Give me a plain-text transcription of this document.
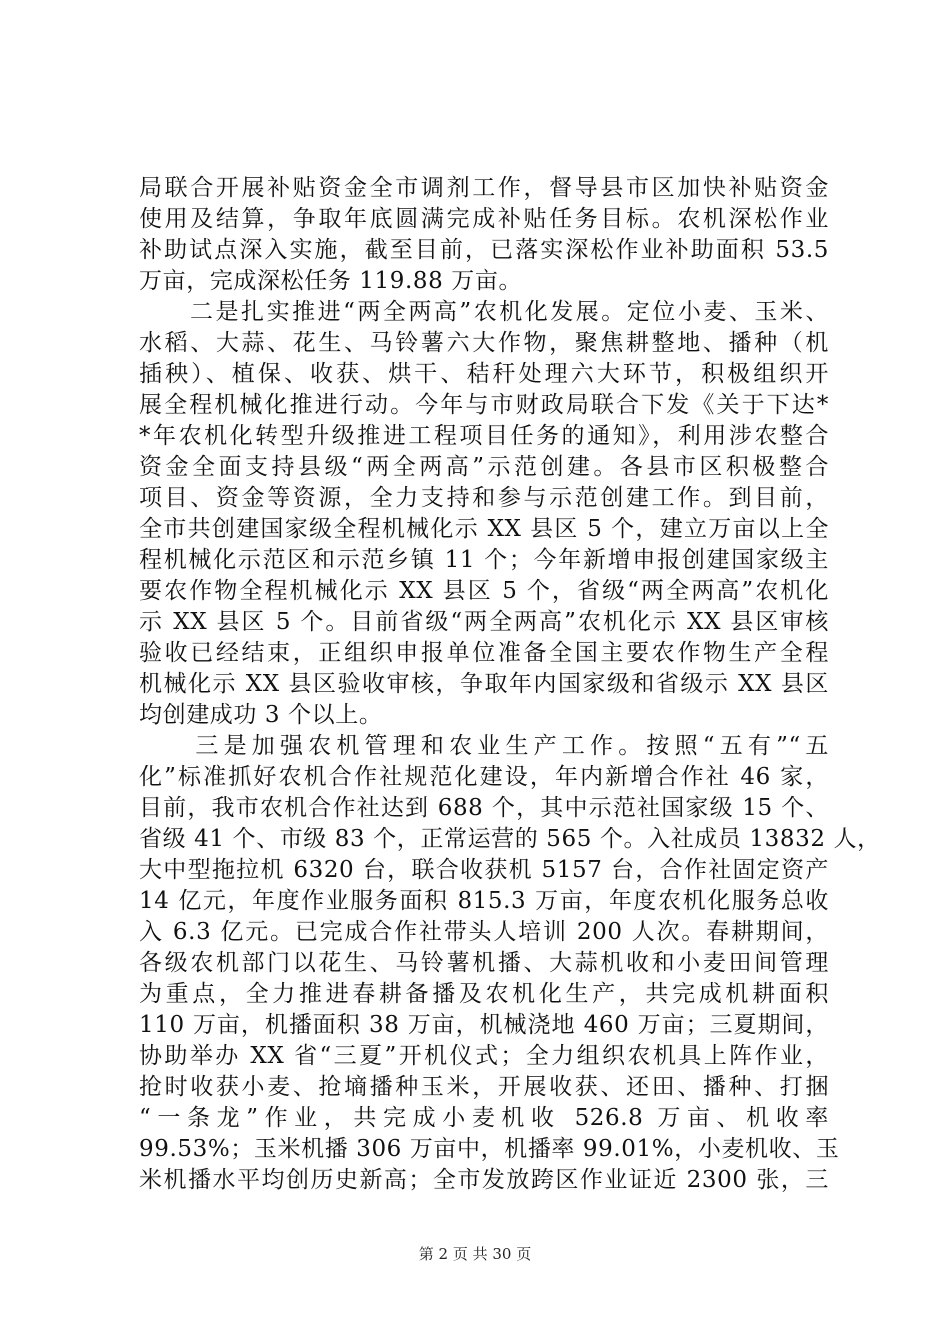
局联合开展补贴资金全市调剂工作，督导县市区加快补贴资金
使用及结算，争取年底圆满完成补贴任务目标。农机深松作业
补助试点深入实施，截至目前，已落实深松作业补助面积 53.5
万亩，完成深松任务 119.88 万亩。
　　二是扎实推进“两全两高”农机化发展。定位小麦、玉米、
水稻、大蒜、花生、马铃薯六大作物，聚焦耕整地、播种（机
插秧）、植保、收获、烘干、秸秆处理六大环节，积极组织开
展全程机械化推进行动。今年与市财政局联合下发《关于下达*
*年农机化转型升级推进工程项目任务的通知》，利用涉农整合
资金全面支持县级“两全两高”示范创建。各县市区积极整合
项目、资金等资源，全力支持和参与示范创建工作。到目前，
全市共创建国家级全程机械化示 XX 县区 5 个，建立万亩以上全
程机械化示范区和示范乡镇 11 个；今年新增申报创建国家级主
要农作物全程机械化示 XX 县区 5 个，省级“两全两高”农机化
示 XX 县区 5 个。目前省级“两全两高”农机化示 XX 县区审核
验收已经结束，正组织申报单位准备全国主要农作物生产全程
机械化示 XX 县区验收审核，争取年内国家级和省级示 XX 县区
均创建成功 3 个以上。
　　三是加强农机管理和农业生产工作。按照“五有”“五
化”标准抓好农机合作社规范化建设，年内新增合作社 46 家，
目前，我市农机合作社达到 688 个，其中示范社国家级 15 个、
省级 41 个、市级 83 个，正常运营的 565 个。入社成员 13832 人，
大中型拖拉机 6320 台，联合收获机 5157 台，合作社固定资产
14 亿元，年度作业服务面积 815.3 万亩，年度农机化服务总收
入 6.3 亿元。已完成合作社带头人培训 200 人次。春耕期间，
各级农机部门以花生、马铃薯机播、大蒜机收和小麦田间管理
为重点，全力推进春耕备播及农机化生产，共完成机耕面积
110 万亩，机播面积 38 万亩，机械浇地 460 万亩；三夏期间，
协助举办 XX 省“三夏”开机仪式；全力组织农机具上阵作业，
抢时收获小麦、抢墒播种玉米，开展收获、还田、播种、打捆
“一条龙”作业，共完成小麦机收 526.8 万亩、机收率
99.53%；玉米机播 306 万亩中，机播率 99.01%，小麦机收、玉
米机播水平均创历史新高；全市发放跨区作业证近 2300 张，三
第 2 页 共 30 页
